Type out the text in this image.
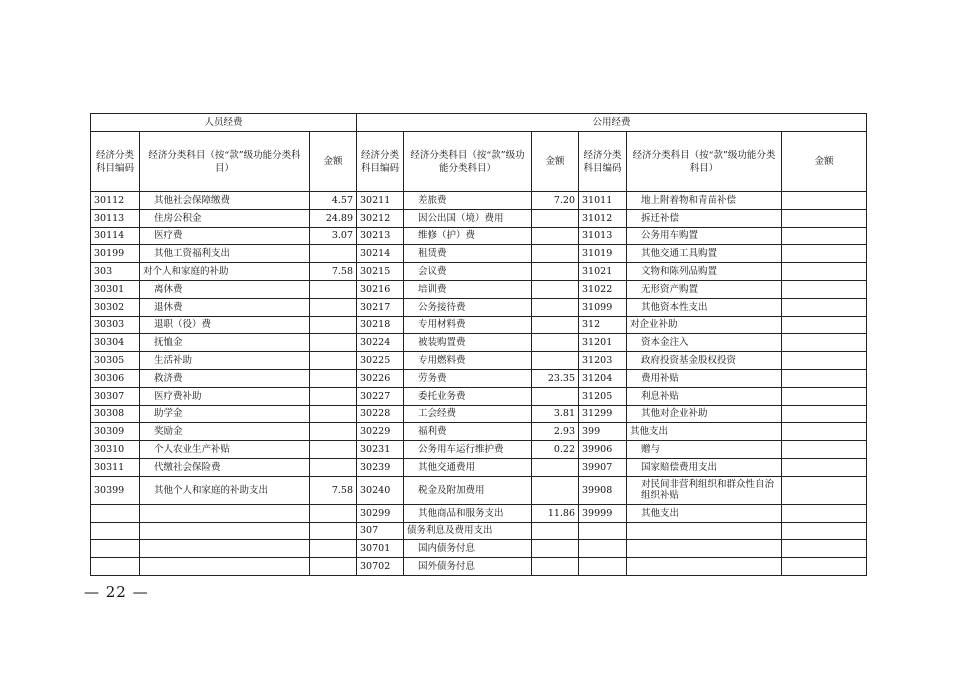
人员经费			公用经费					
经济分类科目编码	经济分类科目（按“款”级功能分类科目）	金额	经济分类科目编码	经济分类科目（按“款”级功能分类科目）	金额	经济分类科目编码	经济分类科目（按“款”级功能分类科目）	金额
30112	其他社会保障缴费	4.57	30211	差旅费	7.20	31011	地上附着物和青苗补偿	
30113	住房公积金	24.89	30212	因公出国（境）费用		31012	拆迁补偿	
30114	医疗费	3.07	30213	维修（护）费		31013	公务用车购置	
30199	其他工资福利支出		30214	租赁费		31019	其他交通工具购置	
303	对个人和家庭的补助	7.58	30215	会议费		31021	文物和陈列品购置	
30301	离休费		30216	培训费		31022	无形资产购置	
30302	退休费		30217	公务接待费		31099	其他资本性支出	
30303	退职（役）费		30218	专用材料费		312	对企业补助	
30304	抚恤金		30224	被装购置费		31201	资本金注入	
30305	生活补助		30225	专用燃料费		31203	政府投资基金股权投资	
30306	救济费		30226	劳务费	23.35	31204	费用补贴	
30307	医疗费补助		30227	委托业务费		31205	利息补贴	
30308	助学金		30228	工会经费	3.81	31299	其他对企业补助	
30309	奖励金		30229	福利费	2.93	399	其他支出	
30310	个人农业生产补贴		30231	公务用车运行维护费	0.22	39906	赠与	
30311	代缴社会保险费		30239	其他交通费用		39907	国家赔偿费用支出	
30399	其他个人和家庭的补助支出	7.58	30240	税金及附加费用		39908	对民间非营利组织和群众性自治组织补贴	
			30299	其他商品和服务支出	11.86	39999	其他支出	
			307	债务利息及费用支出				
			30701	国内债务付息				
			30702	国外债务付息				
— 22 —
